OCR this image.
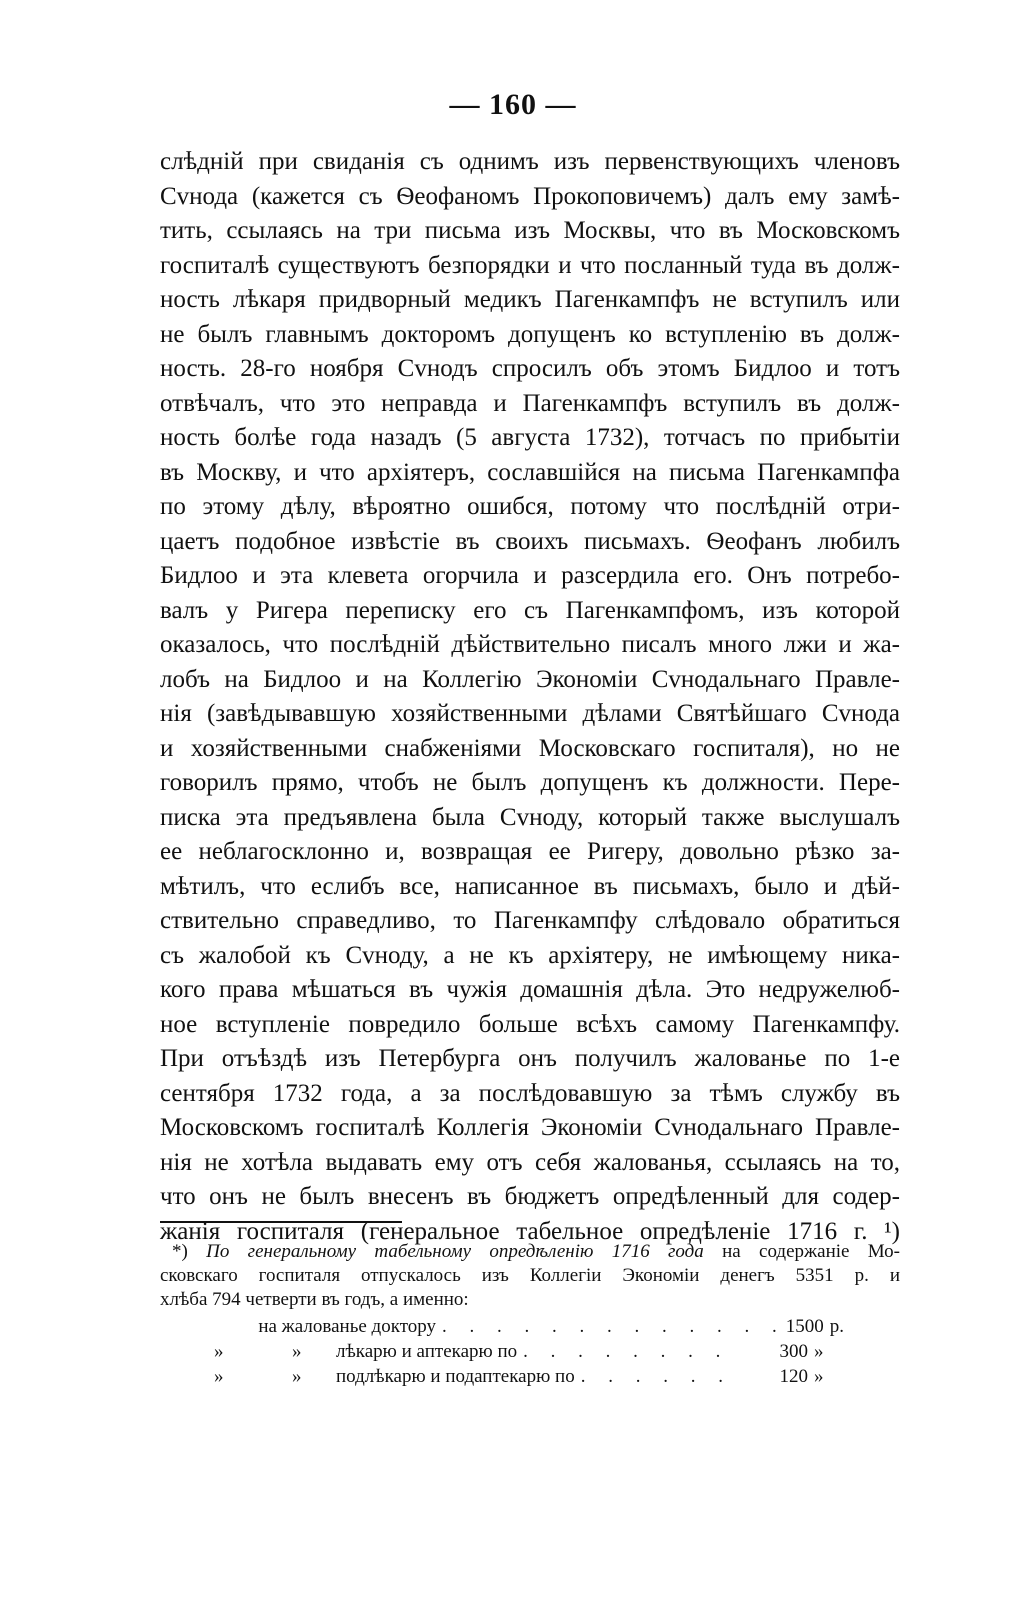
— 160 —
слѣднiй при свиданiя съ однимъ изъ первенствующихъ членовъ
Сvнода (кажется съ Ѳеофаномъ Прокоповичемъ) далъ ему замѣ-
тить, ссылаясь на три письма изъ Москвы, что въ Московскомъ
госпиталѣ существуютъ безпорядки и что посланный туда въ долж-
ность лѣкаря придворный медикъ Пагенкампфъ не вступилъ или
не былъ главнымъ докторомъ допущенъ ко вступленiю въ долж-
ность. 28-го ноября Сvнодъ спросилъ объ этомъ Бидлоо и тотъ
отвѣчалъ, что это неправда и Пагенкампфъ вступилъ въ долж-
ность болѣе года назадъ (5 августа 1732), тотчасъ по прибытiи
въ Москву, и что архiятеръ, сославшiйся на письма Пагенкампфа
по этому дѣлу, вѣроятно ошибся, потому что послѣднiй отри-
цаетъ подобное извѣстiе въ своихъ письмахъ. Ѳеофанъ любилъ
Бидлоо и эта клевета огорчила и разсердила его. Онъ потребо-
валъ у Ригера переписку его съ Пагенкампфомъ, изъ которой
оказалось, что послѣднiй дѣйствительно писалъ много лжи и жа-
лобъ на Бидлоо и на Коллегiю Экономiи Сvнодальнаго Правле-
нiя (завѣдывавшую хозяйственными дѣлами Святѣйшаго Сvнода
и хозяйственными снабженiями Московскаго госпиталя), но не
говорилъ прямо, чтобъ не былъ допущенъ къ должности. Пере-
писка эта предъявлена была Сvноду, который также выслушалъ
ее неблагосклонно и, возвращая ее Ригеру, довольно рѣзко за-
мѣтилъ, что еслибъ все, написанное въ письмахъ, было и дѣй-
ствительно справедливо, то Пагенкампфу слѣдовало обратиться
съ жалобой къ Сvноду, а не къ архiятеру, не имѣющему ника-
кого права мѣшаться въ чужiя домашнiя дѣла. Это недружелюб-
ное вступленiе повредило больше всѣхъ самому Пагенкампфу.
При отъѣздѣ изъ Петербурга онъ получилъ жалованье по 1-е
сентября 1732 года, а за послѣдовавшую за тѣмъ службу въ
Московскомъ госпиталѣ Коллегiя Экономiи Сvнодальнаго Правле-
нiя не хотѣла выдавать ему отъ себя жалованья, ссылаясь на то,
что онъ не былъ внесенъ въ бюджетъ опредѣленный для содер-
жанiя госпиталя (генеральное табельное опредѣленiе 1716 г. ¹)
*) По генеральному табельному опредѣленiю 1716 года на содержанiе Мо-
сковскаго госпиталя отпускалось изъ Коллегiи Экономiи денегъ 5351 р. и
хлѣба 794 четверти въ годъ, а именно:
на жалованье доктору . . . . . . . . . . . . . 1500 р.
»	»	лѣкарю и аптекарю по . . . . . . . .	300 »
»	»	подлѣкарю и подаптекарю по . . . . . .	120 »
